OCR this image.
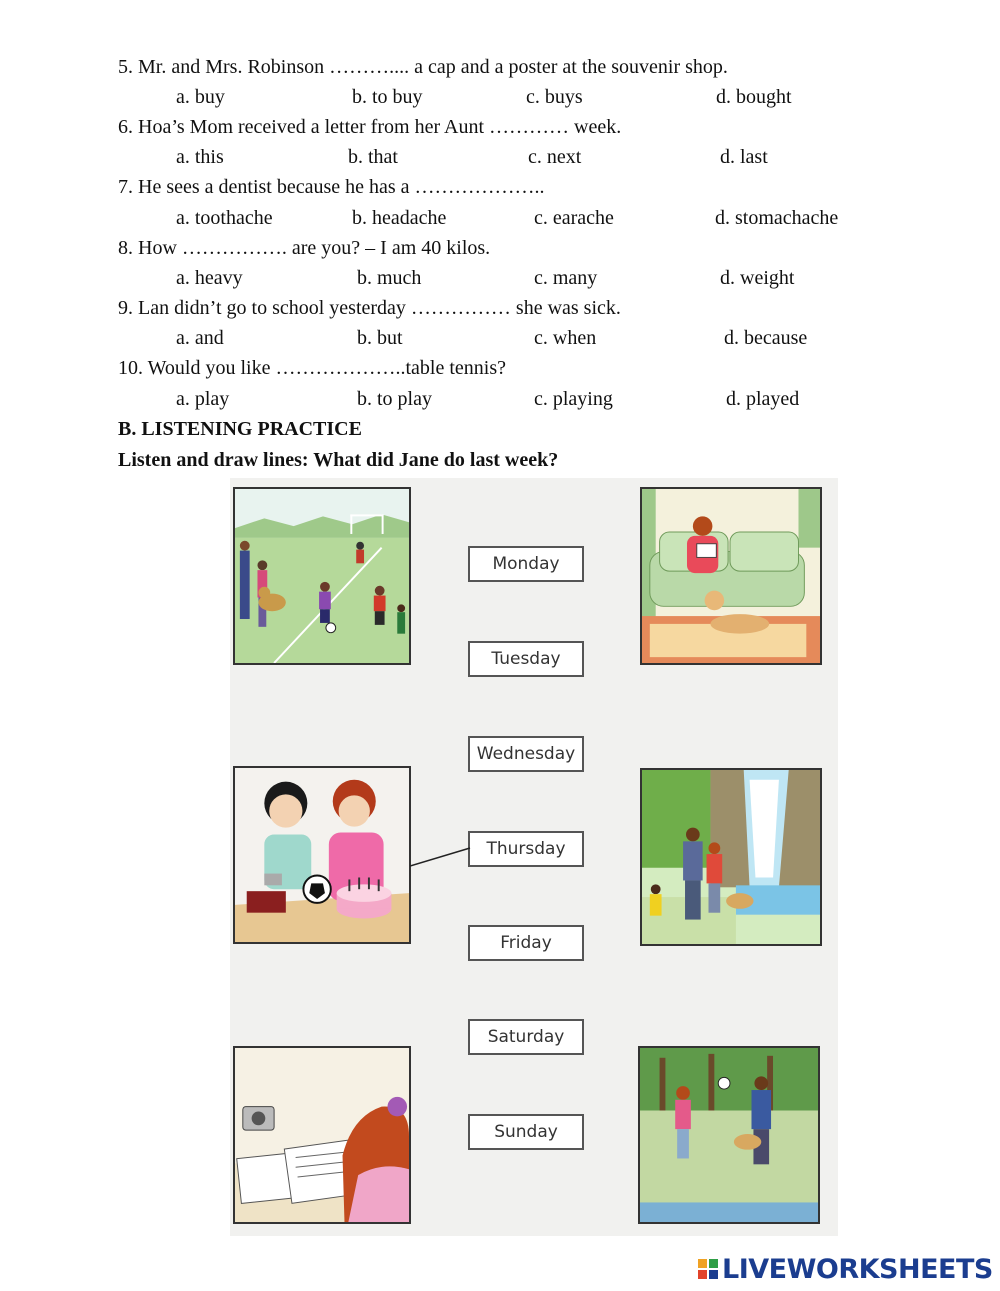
5. Mr. and Mrs. Robinson ……….... a cap and a poster at the souvenir shop.
a. buy	b. to buy	c. buys	d. bought
6. Hoa’s Mom received a letter from her Aunt ………… week.
a. this	b. that	c. next	d. last
7. He sees a dentist because he has a ………………..
a. toothache	b. headache	c. earache	d. stomachache
8. How ……………. are you? – I am 40 kilos.
a. heavy	b. much	c. many	d. weight
9. Lan didn’t go to school yesterday …………… she was sick.
a. and	b. but	c. when	d. because
10. Would you like ………………..table tennis?
a. play	b. to play	c. playing	d. played
B. LISTENING PRACTICE
Listen and draw lines: What did Jane do last week?
Monday
Tuesday
Wednesday
Thursday
Friday
Saturday
Sunday
LIVEWORKSHEETS
